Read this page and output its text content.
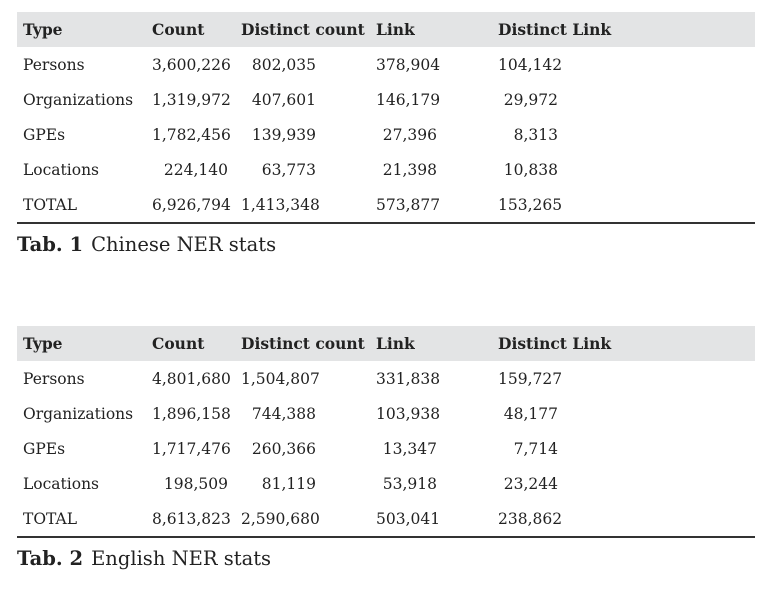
Type	Count	Distinct count	Link	Distinct Link
Persons	3,600,226	802,035	378,904	104,142
Organizations	1,319,972	407,601	146,179	29,972
GPEs	1,782,456	139,939	27,396	8,313
Locations	224,140	63,773	21,398	10,838
TOTAL	6,926,794	1,413,348	573,877	153,265
Tab. 1 Chinese NER stats
Type	Count	Distinct count	Link	Distinct Link
Persons	4,801,680	1,504,807	331,838	159,727
Organizations	1,896,158	744,388	103,938	48,177
GPEs	1,717,476	260,366	13,347	7,714
Locations	198,509	81,119	53,918	23,244
TOTAL	8,613,823	2,590,680	503,041	238,862
Tab. 2 English NER stats
